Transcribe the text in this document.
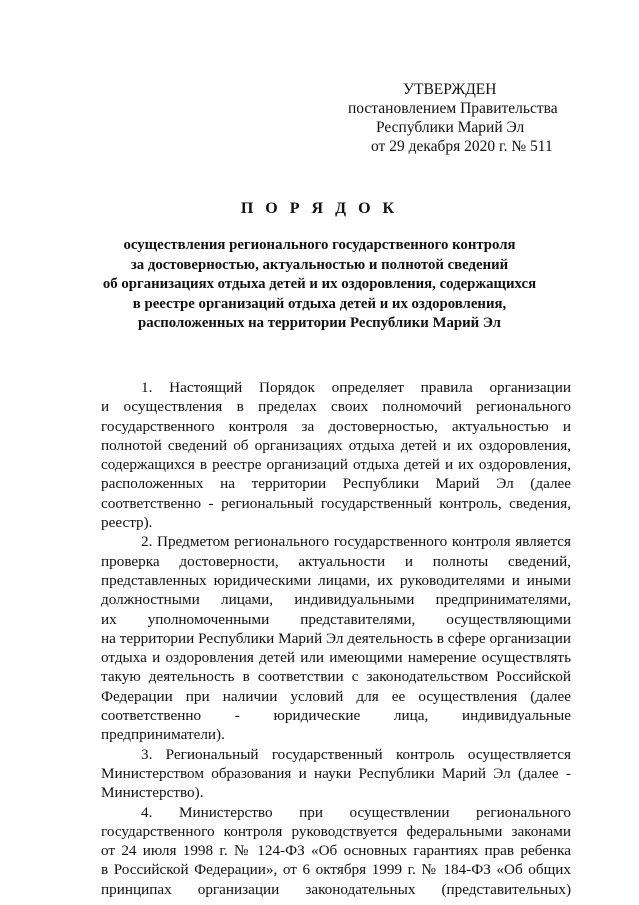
УТВЕРЖДЕН
постановлением Правительства
Республики Марий Эл
от 29 декабря 2020 г. № 511
П О Р Я Д О К
осуществления регионального государственного контроля
за достоверностью, актуальностью и полнотой сведений
об организациях отдыха детей и их оздоровления, содержащихся
в реестре организаций отдыха детей и их оздоровления,
расположенных на территории Республики Марий Эл
1. Настоящий Порядок определяет правила организации
и осуществления в пределах своих полномочий регионального
государственного контроля за достоверностью, актуальностью и
полнотой сведений об организациях отдыха детей и их оздоровления,
содержащихся в реестре организаций отдыха детей и их оздоровления,
расположенных на территории Республики Марий Эл (далее
соответственно - региональный государственный контроль, сведения,
реестр).
2. Предметом регионального государственного контроля является
проверка достоверности, актуальности и полноты сведений,
представленных юридическими лицами, их руководителями и иными
должностными лицами, индивидуальными предпринимателями,
их уполномоченными представителями, осуществляющими
на территории Республики Марий Эл деятельность в сфере организации
отдыха и оздоровления детей или имеющими намерение осуществлять
такую деятельность в соответствии с законодательством Российской
Федерации при наличии условий для ее осуществления (далее
соответственно - юридические лица, индивидуальные
предприниматели).
3. Региональный государственный контроль осуществляется
Министерством образования и науки Республики Марий Эл (далее -
Министерство).
4. Министерство при осуществлении регионального
государственного контроля руководствуется федеральными законами
от 24 июля 1998 г. № 124-ФЗ «Об основных гарантиях прав ребенка
в Российской Федерации», от 6 октября 1999 г. № 184-ФЗ «Об общих
принципах организации законодательных (представительных)
